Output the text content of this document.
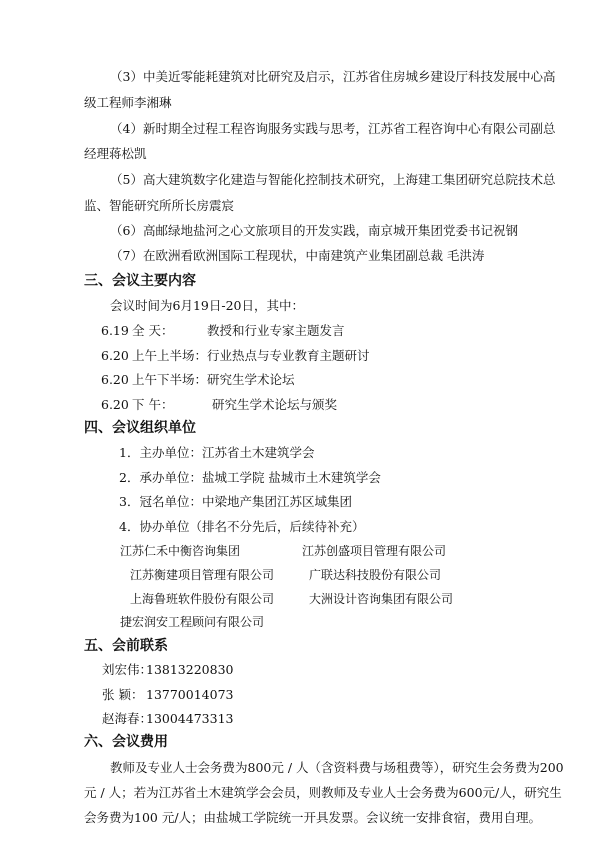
（3）中美近零能耗建筑对比研究及启示，江苏省住房城乡建设厅科技发展中心高
级工程师李湘琳
（4）新时期全过程工程咨询服务实践与思考，江苏省工程咨询中心有限公司副总
经理蒋松凯
（5）高大建筑数字化建造与智能化控制技术研究，上海建工集团研究总院技术总
监、智能研究所所长房震宸
（6）高邮绿地盐河之心文旅项目的开发实践，南京城开集团党委书记祝钢
（7）在欧洲看欧洲国际工程现状，中南建筑产业集团副总裁 毛洪涛
三、会议主要内容
会议时间为6月19日-20日，其中：
6.19 全 天：	教授和行业专家主题发言
6.20 上午上半场： 行业热点与专业教育主题研讨
6.20 上午下半场： 研究生学术论坛
6.20 下 午：	研究生学术论坛与颁奖
四、会议组织单位
1．主办单位：江苏省土木建筑学会
2．承办单位：盐城工学院 盐城市土木建筑学会
3．冠名单位：中梁地产集团江苏区域集团
4．协办单位（排名不分先后，后续待补充）
江苏仁禾中衡咨询集团	江苏创盛项目管理有限公司
江苏衡建项目管理有限公司	广联达科技股份有限公司
上海鲁班软件股份有限公司	大洲设计咨询集团有限公司
捷宏润安工程顾问有限公司
五、会前联系
刘宏伟：
13813220830
张 颖： 13770014073
赵海春：
13004473313
六、会议费用
教师及专业人士会务费为800元 / 人（含资料费与场租费等），研究生会务费为200
元 / 人；若为江苏省土木建筑学会会员，则教师及专业人士会务费为600元/人，研究生
会务费为100 元/人；由盐城工学院统一开具发票。会议统一安排食宿，费用自理。
